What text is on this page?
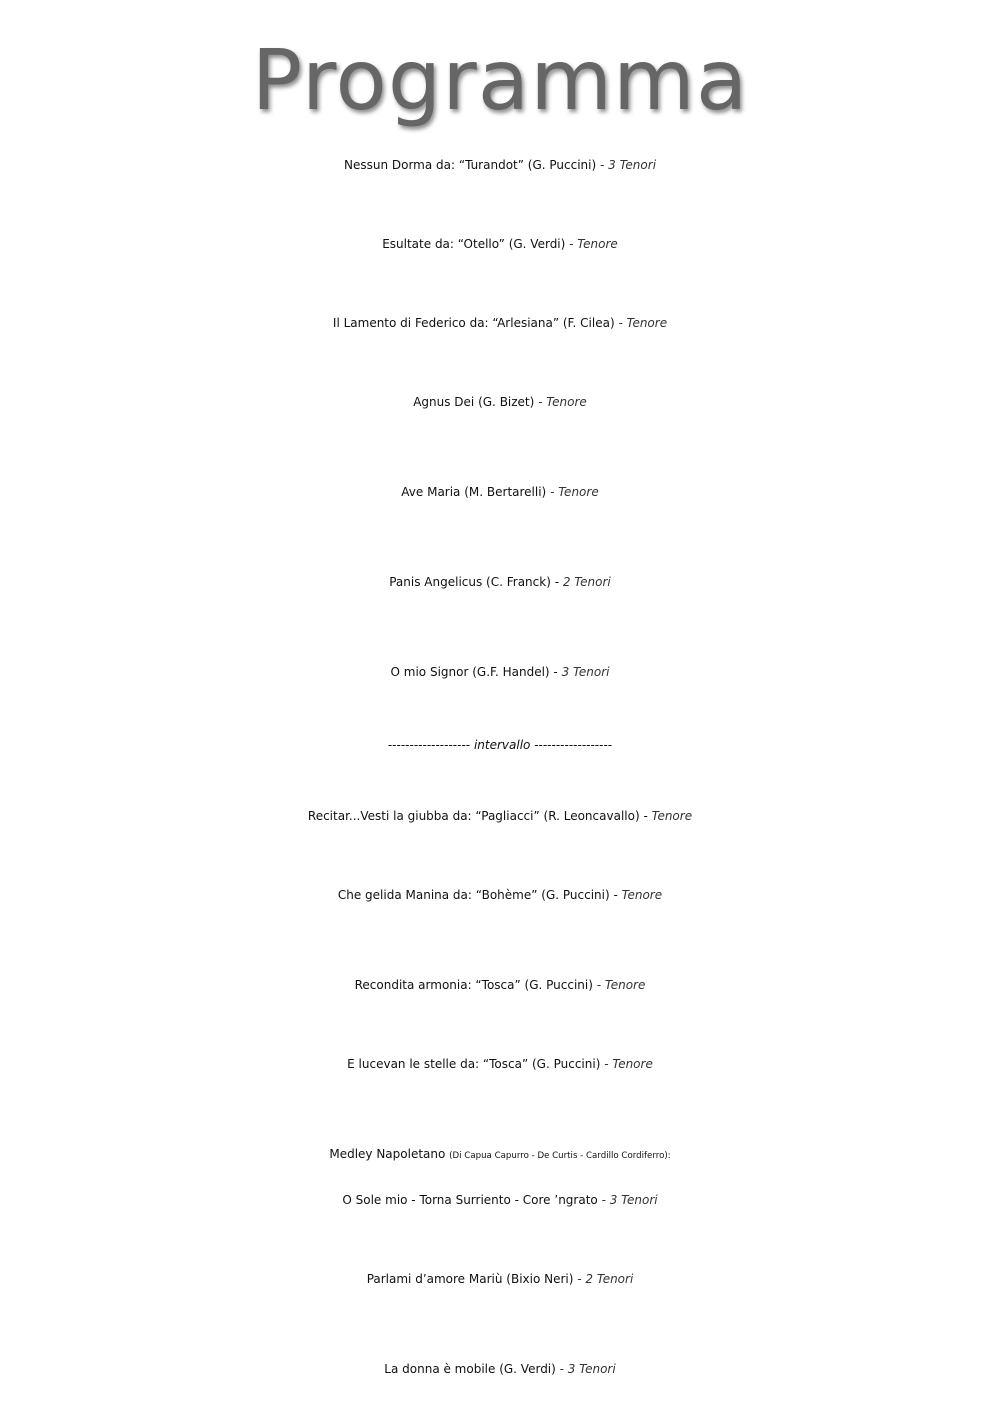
Programma
Nessun Dorma da: “Turandot” (G. Puccini) - 3 Tenori
Esultate da: “Otello” (G. Verdi) - Tenore
Il Lamento di Federico da: “Arlesiana” (F. Cilea) - Tenore
Agnus Dei (G. Bizet) - Tenore
Ave Maria (M. Bertarelli) - Tenore
Panis Angelicus (C. Franck) - 2 Tenori
O mio Signor (G.F. Handel) - 3 Tenori
------------------- intervallo ------------------
Recitar...Vesti la giubba da: “Pagliacci” (R. Leoncavallo) - Tenore
Che gelida Manina da: “Bohème” (G. Puccini) - Tenore
Recondita armonia: “Tosca” (G. Puccini) - Tenore
E lucevan le stelle da: “Tosca” (G. Puccini) - Tenore
Medley Napoletano (Di Capua Capurro - De Curtis - Cardillo Cordiferro):
O Sole mio - Torna Surriento - Core ’ngrato - 3 Tenori
Parlami d’amore Mariù (Bixio Neri) - 2 Tenori
La donna è mobile (G. Verdi) - 3 Tenori
